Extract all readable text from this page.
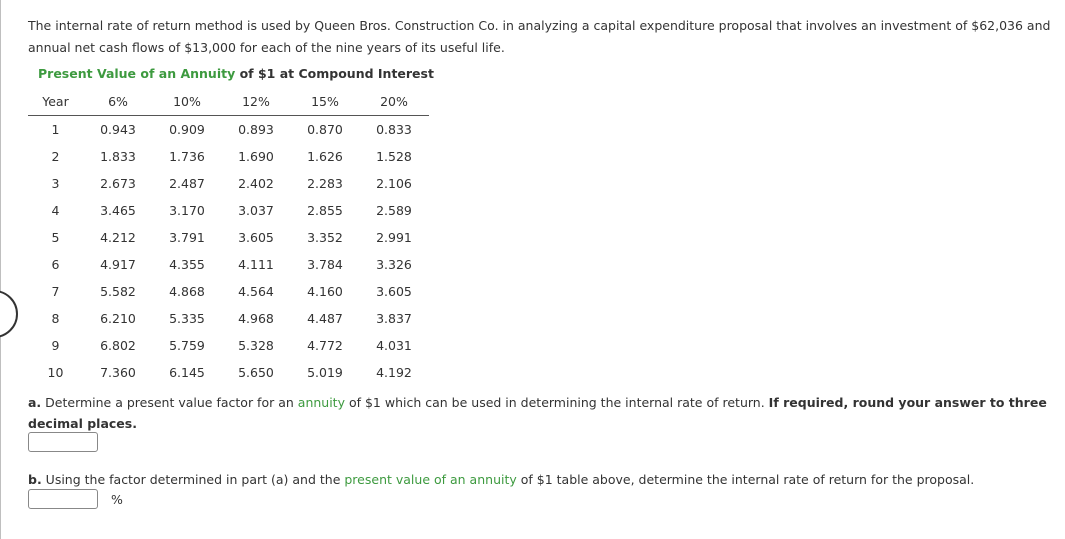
The internal rate of return method is used by Queen Bros. Construction Co. in analyzing a capital expenditure proposal that involves an investment of $62,036 and annual net cash flows of $13,000 for each of the nine years of its useful life.
Present Value of an Annuity of $1 at Compound Interest
Year	6%	10%	12%	15%	20%
1	0.943	0.909	0.893	0.870	0.833
2	1.833	1.736	1.690	1.626	1.528
3	2.673	2.487	2.402	2.283	2.106
4	3.465	3.170	3.037	2.855	2.589
5	4.212	3.791	3.605	3.352	2.991
6	4.917	4.355	4.111	3.784	3.326
7	5.582	4.868	4.564	4.160	3.605
8	6.210	5.335	4.968	4.487	3.837
9	6.802	5.759	5.328	4.772	4.031
10	7.360	6.145	5.650	5.019	4.192
a. Determine a present value factor for an annuity of $1 which can be used in determining the internal rate of return. If required, round your answer to three decimal places.
b. Using the factor determined in part (a) and the present value of an annuity of $1 table above, determine the internal rate of return for the proposal.
%
